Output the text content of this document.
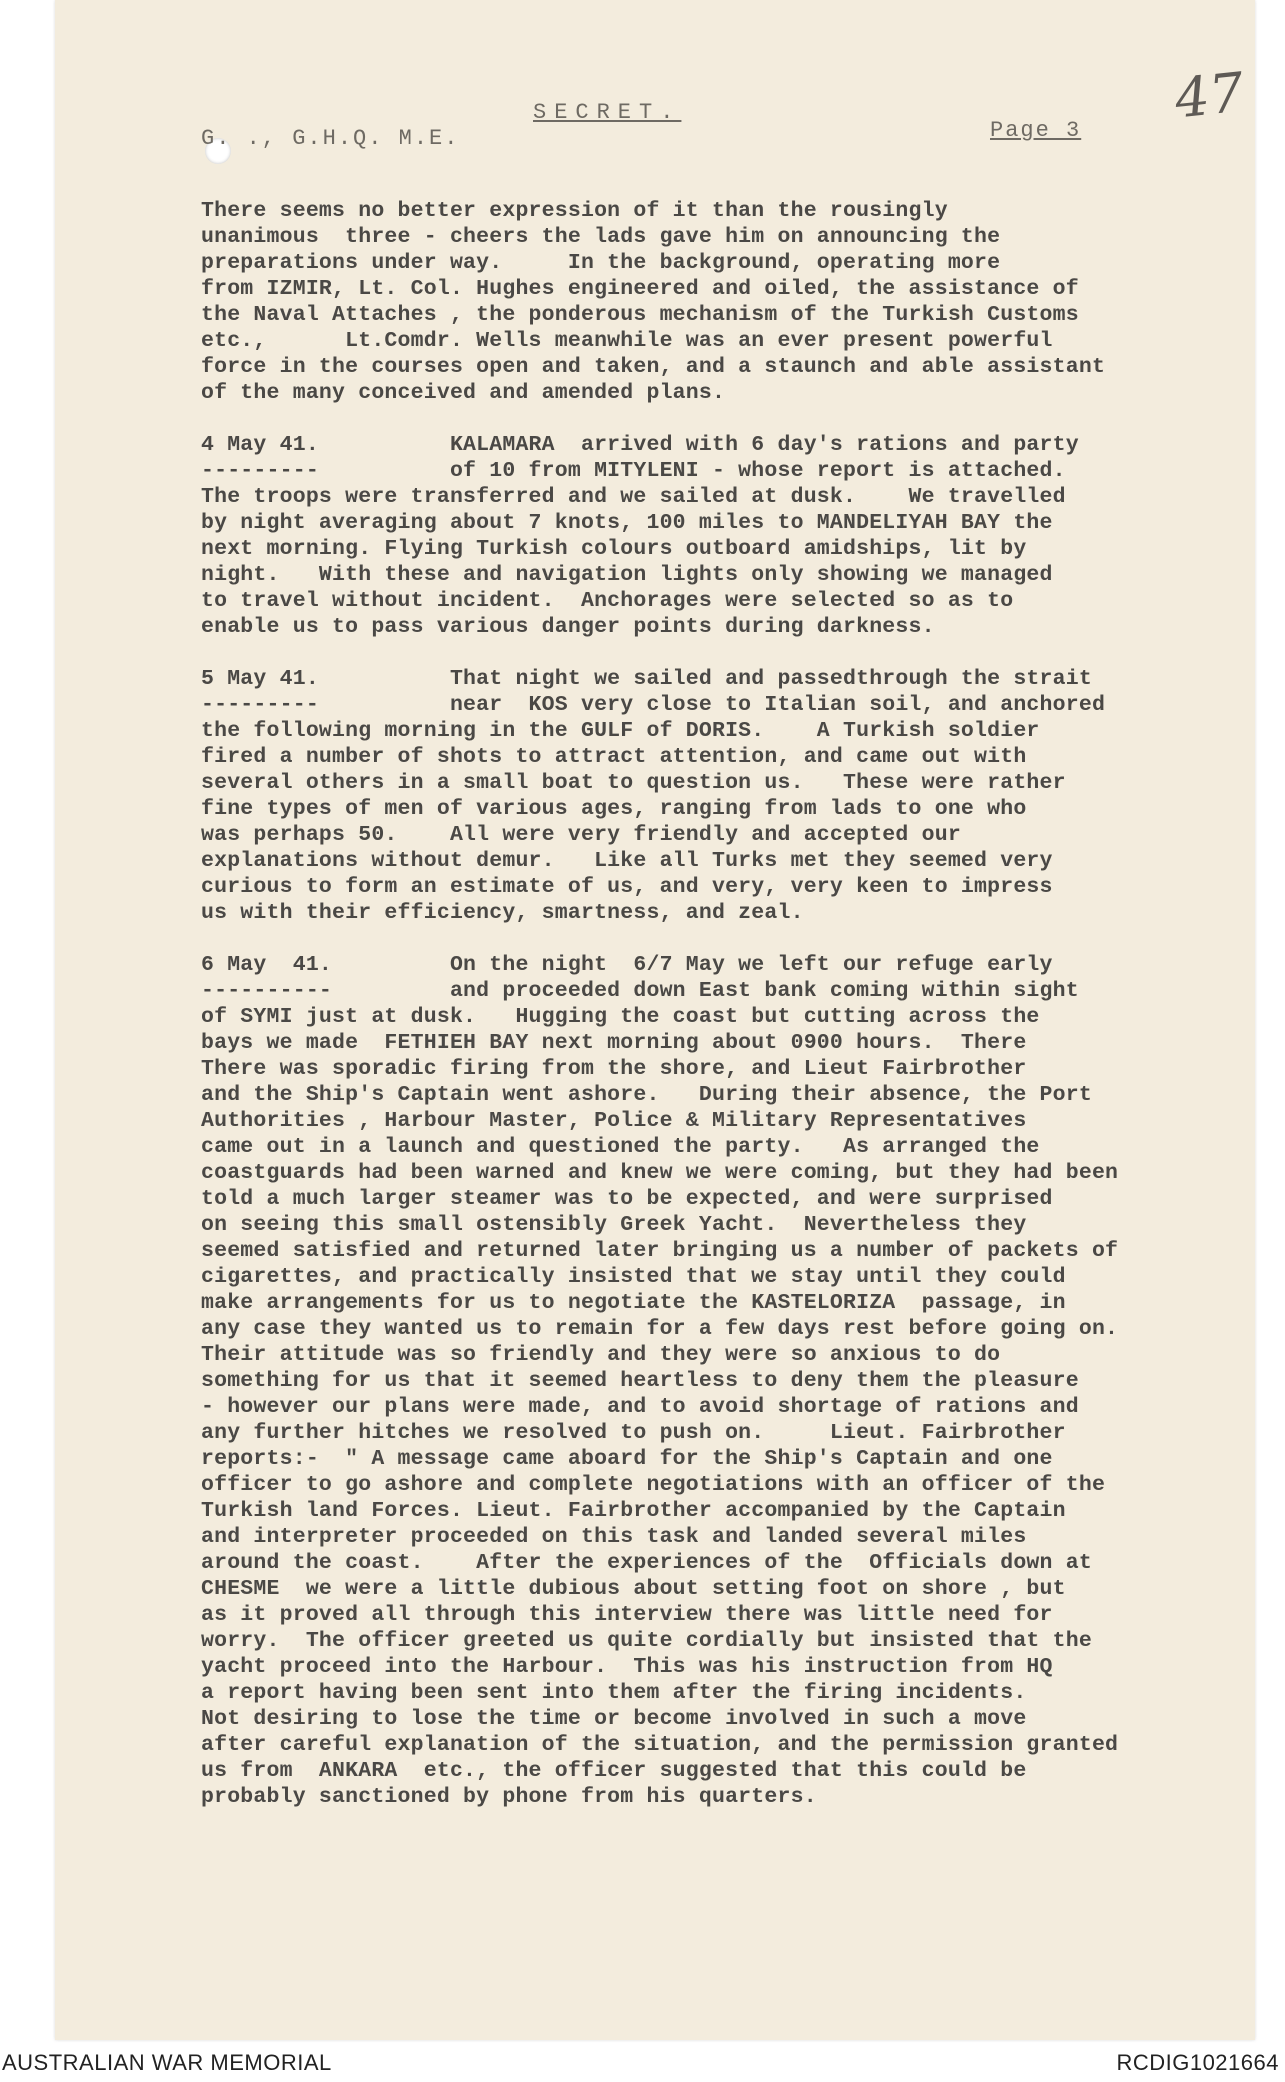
SECRET.
G. ., G.H.Q. M.E.	Page 3
47
There seems no better expression of it than the rousingly
unanimous  three - cheers the lads gave him on announcing the
preparations under way.     In the background, operating more
from IZMIR, Lt. Col. Hughes engineered and oiled, the assistance of
the Naval Attaches , the ponderous mechanism of the Turkish Customs
etc.,      Lt.Comdr. Wells meanwhile was an ever present powerful
force in the courses open and taken, and a staunch and able assistant
of the many conceived and amended plans.
4 May 41.          KALAMARA  arrived with 6 day's rations and party
---------          of 10 from MITYLENI - whose report is attached.
The troops were transferred and we sailed at dusk.    We travelled
by night averaging about 7 knots, 100 miles to MANDELIYAH BAY the
next morning. Flying Turkish colours outboard amidships, lit by
night.   With these and navigation lights only showing we managed
to travel without incident.  Anchorages were selected so as to
enable us to pass various danger points during darkness.
5 May 41.          That night we sailed and passedthrough the strait
---------          near  KOS very close to Italian soil, and anchored
the following morning in the GULF of DORIS.    A Turkish soldier
fired a number of shots to attract attention, and came out with
several others in a small boat to question us.   These were rather
fine types of men of various ages, ranging from lads to one who
was perhaps 50.    All were very friendly and accepted our
explanations without demur.   Like all Turks met they seemed very
curious to form an estimate of us, and very, very keen to impress
us with their efficiency, smartness, and zeal.
6 May  41.         On the night  6/7 May we left our refuge early
----------         and proceeded down East bank coming within sight
of SYMI just at dusk.   Hugging the coast but cutting across the
bays we made  FETHIEH BAY next morning about 0900 hours.  There
There was sporadic firing from the shore, and Lieut Fairbrother
and the Ship's Captain went ashore.   During their absence, the Port
Authorities , Harbour Master, Police & Military Representatives
came out in a launch and questioned the party.   As arranged the
coastguards had been warned and knew we were coming, but they had been
told a much larger steamer was to be expected, and were surprised
on seeing this small ostensibly Greek Yacht.  Nevertheless they
seemed satisfied and returned later bringing us a number of packets of
cigarettes, and practically insisted that we stay until they could
make arrangements for us to negotiate the KASTELORIZA  passage, in
any case they wanted us to remain for a few days rest before going on.
Their attitude was so friendly and they were so anxious to do
something for us that it seemed heartless to deny them the pleasure
- however our plans were made, and to avoid shortage of rations and
any further hitches we resolved to push on.     Lieut. Fairbrother
reports:-  " A message came aboard for the Ship's Captain and one
officer to go ashore and complete negotiations with an officer of the
Turkish land Forces. Lieut. Fairbrother accompanied by the Captain
and interpreter proceeded on this task and landed several miles
around the coast.    After the experiences of the  Officials down at
CHESME  we were a little dubious about setting foot on shore , but
as it proved all through this interview there was little need for
worry.  The officer greeted us quite cordially but insisted that the
yacht proceed into the Harbour.  This was his instruction from HQ
a report having been sent into them after the firing incidents.
Not desiring to lose the time or become involved in such a move
after careful explanation of the situation, and the permission granted
us from  ANKARA  etc., the officer suggested that this could be
probably sanctioned by phone from his quarters.
AUSTRALIAN WAR MEMORIAL	RCDIG1021664
